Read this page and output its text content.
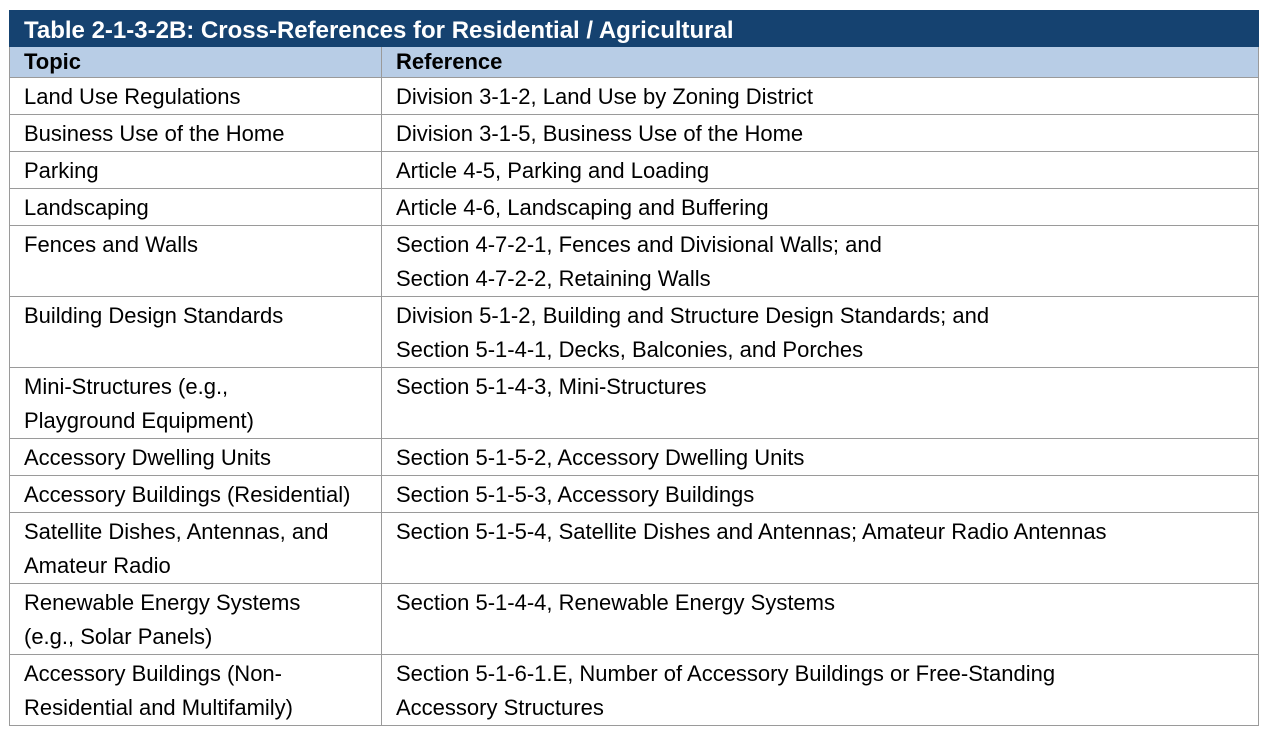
Table 2-1-3-2B: Cross-References for Residential / Agricultural	
Topic	Reference
Land Use Regulations	Division 3-1-2, Land Use by Zoning District
Business Use of the Home	Division 3-1-5, Business Use of the Home
Parking	Article 4-5, Parking and Loading
Landscaping	Article 4-6, Landscaping and Buffering
Fences and Walls	Section 4-7-2-1, Fences and Divisional Walls; and
Section 4-7-2-2, Retaining Walls
Building Design Standards	Division 5-1-2, Building and Structure Design Standards; and
Section 5-1-4-1, Decks, Balconies, and Porches
Mini-Structures (e.g.,
Playground Equipment)	Section 5-1-4-3, Mini-Structures
Accessory Dwelling Units	Section 5-1-5-2, Accessory Dwelling Units
Accessory Buildings (Residential)	Section 5-1-5-3, Accessory Buildings
Satellite Dishes, Antennas, and
Amateur Radio	Section 5-1-5-4, Satellite Dishes and Antennas; Amateur Radio Antennas
Renewable Energy Systems
(e.g., Solar Panels)	Section 5-1-4-4, Renewable Energy Systems
Accessory Buildings (Non-
Residential and Multifamily)	Section 5-1-6-1.E, Number of Accessory Buildings or Free-Standing
Accessory Structures
